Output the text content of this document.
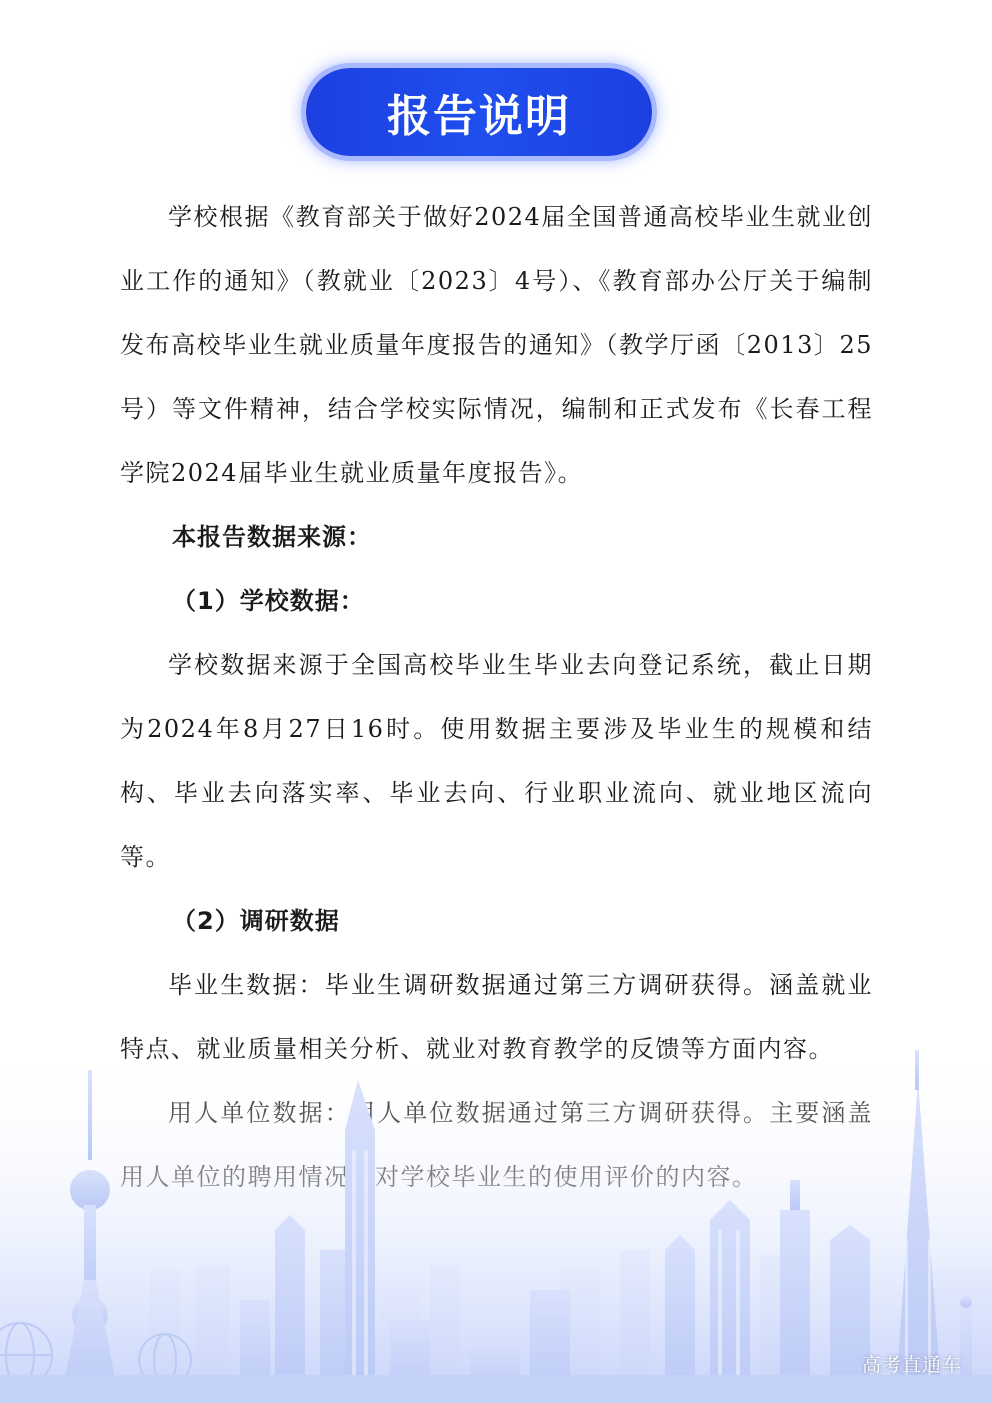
报告说明

学校根据《教育部关于做好2024届全国普通高校毕业生就业创业工作的通知》（教就业〔2023〕4号）、《教育部办公厅关于编制发布高校毕业生就业质量年度报告的通知》（教学厅函〔2013〕25号）等文件精神，结合学校实际情况，编制和正式发布《长春工程学院2024届毕业生就业质量年度报告》。

本报告数据来源：

（1）学校数据：

学校数据来源于全国高校毕业生毕业去向登记系统，截止日期为2024年8月27日16时。使用数据主要涉及毕业生的规模和结构、毕业去向落实率、毕业去向、行业职业流向、就业地区流向等。

（2）调研数据

毕业生数据：毕业生调研数据通过第三方调研获得。涵盖就业

高考直通车
